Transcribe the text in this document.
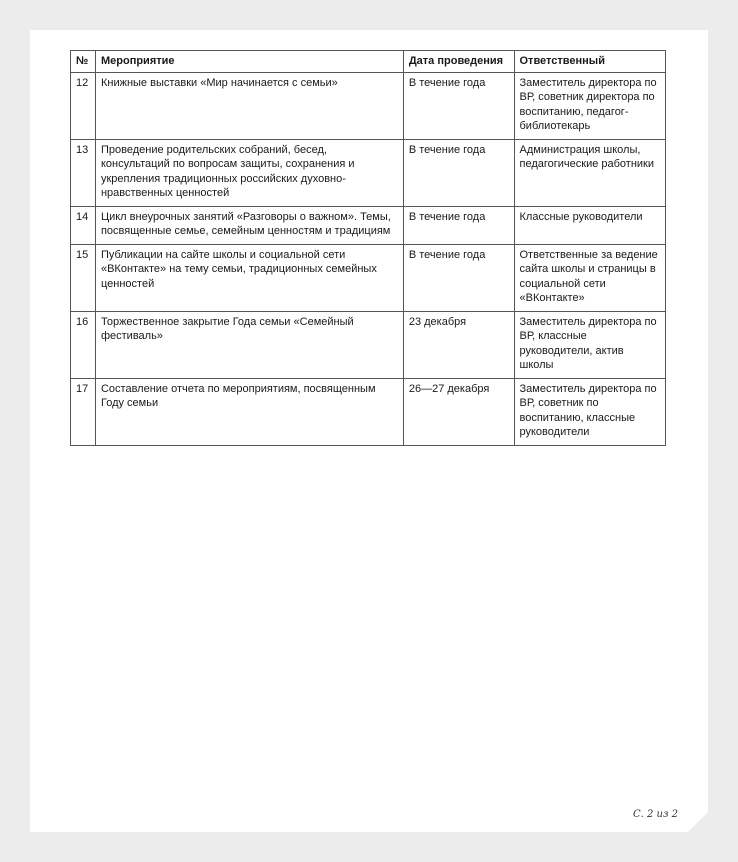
№	Мероприятие	Дата проведения	Ответственный
12	Книжные выставки «Мир начинается с семьи»	В течение года	Заместитель директора по ВР, советник директора по воспитанию, педагог-библиотекарь
13	Проведение родительских собраний, бесед, консультаций по вопросам защиты, сохранения и укрепления традиционных российских духовно-нравственных ценностей	В течение года	Администрация школы, педагогические работники
14	Цикл внеурочных занятий «Разговоры о важном». Темы, посвященные семье, семейным ценностям и традициям	В течение года	Классные руководители
15	Публикации на сайте школы и социальной сети «ВКонтакте» на тему семьи, традиционных семейных ценностей	В течение года	Ответственные за ведение сайта школы и страницы в социальной сети «ВКонтакте»
16	Торжественное закрытие Года семьи «Семейный фестиваль»	23 декабря	Заместитель директора по ВР, классные руководители, актив школы
17	Составление отчета по мероприятиям, посвященным Году семьи	26—27 декабря	Заместитель директора по ВР, советник по воспитанию, классные руководители
С. 2 из 2
